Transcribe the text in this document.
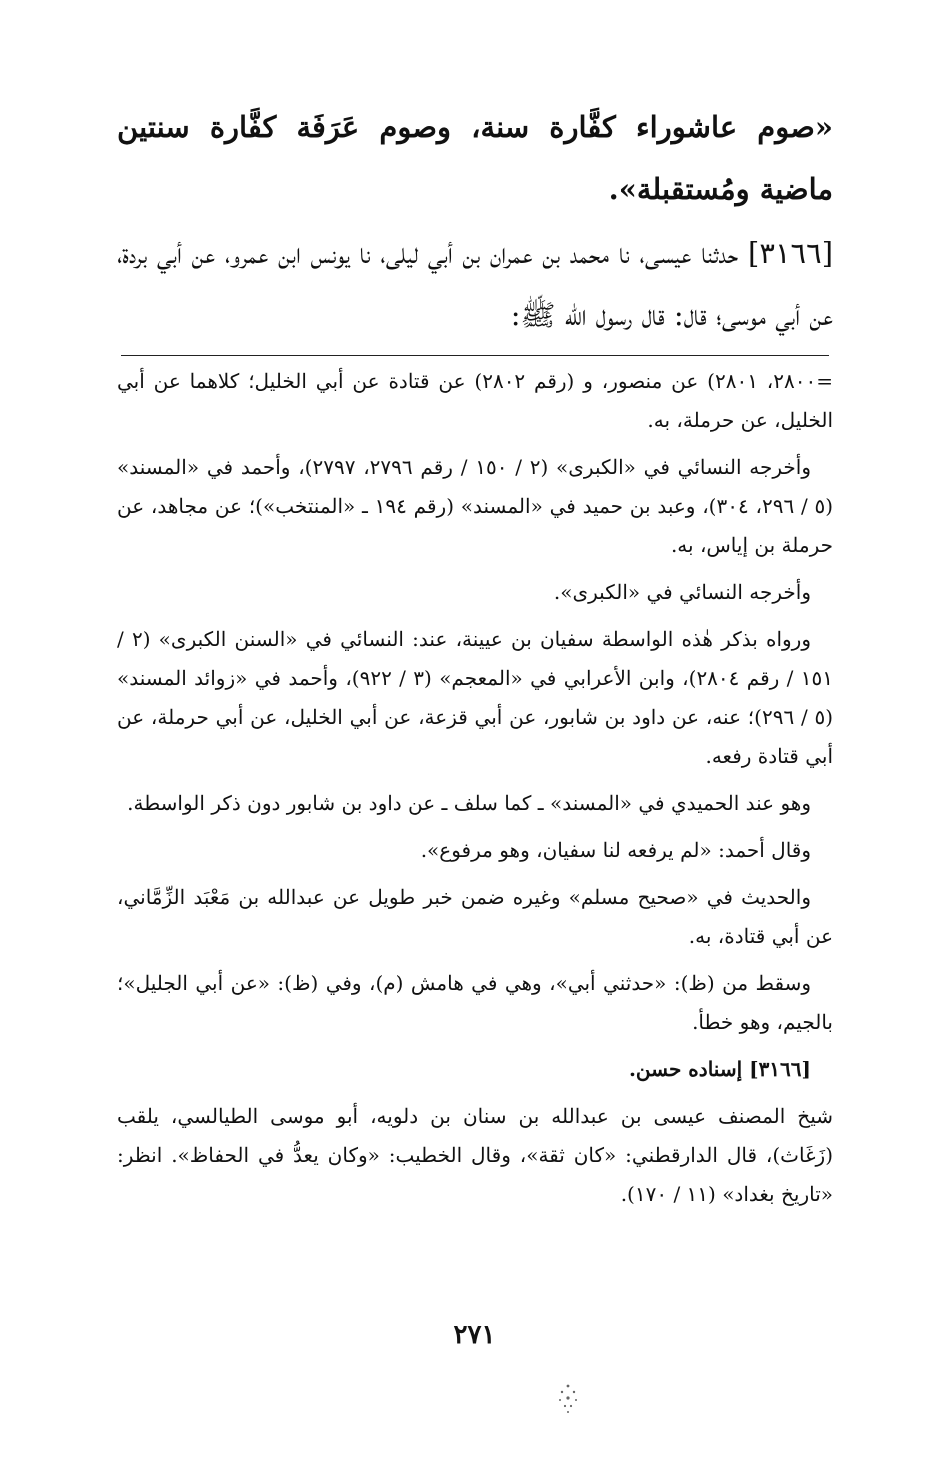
«صوم عاشوراء كفَّارة سنة، وصوم عَرَفَة كفَّارة سنتين ماضية ومُستقبلة».
[٣١٦٦] حدثنا عيسى، نا محمد بن عمران بن أبي ليلى، نا يونس ابن عمرو، عن أبي بردة، عن أبي موسى؛ قال: قال رسول الله ﷺ:
=٢٨٠٠، ٢٨٠١) عن منصور، و (رقم ٢٨٠٢) عن قتادة عن أبي الخليل؛ كلاهما عن أبي الخليل، عن حرملة، به.
وأخرجه النسائي في «الكبرى» (٢ / ١٥٠ / رقم ٢٧٩٦، ٢٧٩٧)، وأحمد في «المسند» (٥ / ٢٩٦، ٣٠٤)، وعبد بن حميد في «المسند» (رقم ١٩٤ ـ «المنتخب»)؛ عن مجاهد، عن حرملة بن إياس، به.
وأخرجه النسائي في «الكبرى».
ورواه بذكر هٰذه الواسطة سفيان بن عيينة، عند: النسائي في «السنن الكبرى» (٢ / ١٥١ / رقم ٢٨٠٤)، وابن الأعرابي في «المعجم» (٣ / ٩٢٢)، وأحمد في «زوائد المسند» (٥ / ٢٩٦)؛ عنه، عن داود بن شابور، عن أبي قزعة، عن أبي الخليل، عن أبي حرملة، عن أبي قتادة رفعه.
وهو عند الحميدي في «المسند» ـ كما سلف ـ عن داود بن شابور دون ذكر الواسطة.
وقال أحمد: «لم يرفعه لنا سفيان، وهو مرفوع».
والحديث في «صحيح مسلم» وغيره ضمن خبر طويل عن عبدالله بن مَعْبَد الزِّمَّاني، عن أبي قتادة، به.
وسقط من (ظ): «حدثني أبي»، وهي في هامش (م)، وفي (ظ): «عن أبي الجليل»؛ بالجيم، وهو خطأ.
[٣١٦٦] إسناده حسن.
شيخ المصنف عيسى بن عبدالله بن سنان بن دلويه، أبو موسى الطيالسي، يلقب (زَغَاث)، قال الدارقطني: «كان ثقة»، وقال الخطيب: «وكان يعدُّ في الحفاظ». انظر: «تاريخ بغداد» (١١ / ١٧٠).
٢٧١
